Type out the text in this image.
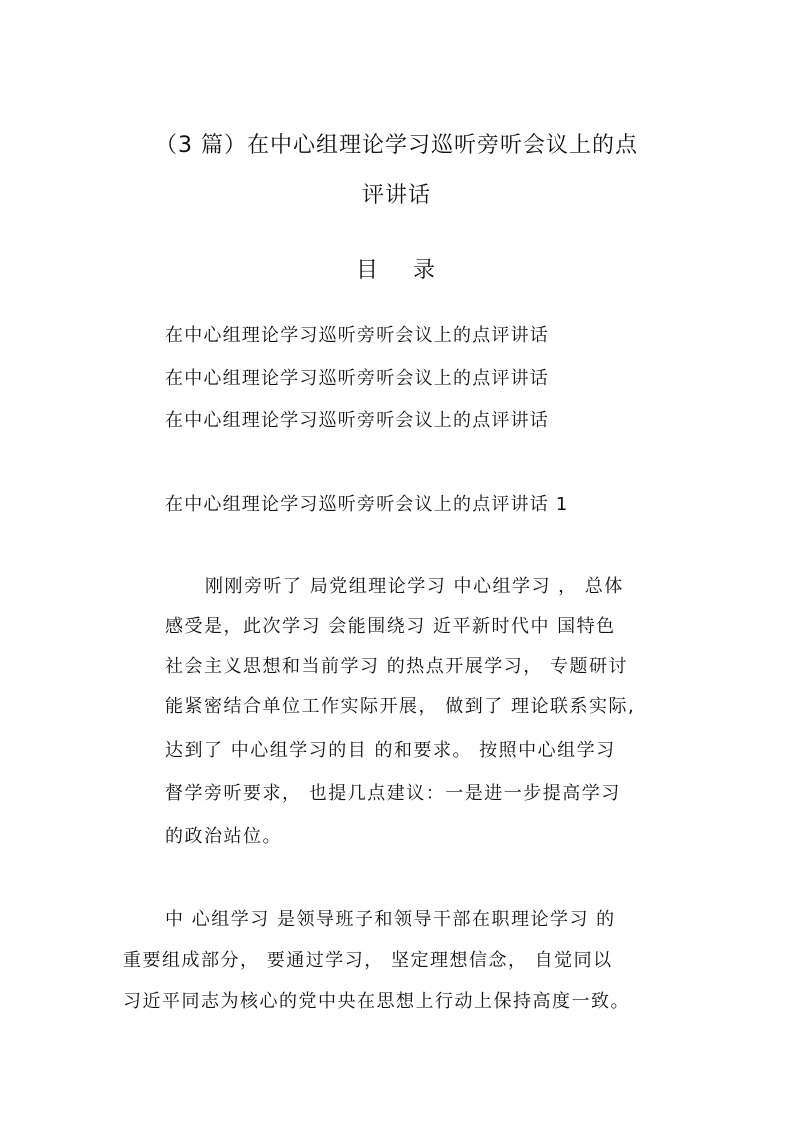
（3 篇）在中心组理论学习巡听旁听会议上的点
评讲话
目 录
在中心组理论学习巡听旁听会议上的点评讲话
在中心组理论学习巡听旁听会议上的点评讲话
在中心组理论学习巡听旁听会议上的点评讲话
在中心组理论学习巡听旁听会议上的点评讲话 1
刚刚旁听了 局党组理论学习 中心组学习 ， 总体
感受是，此次学习 会能围绕习 近平新时代中 国特色
社会主义思想和当前学习 的热点开展学习， 专题研讨
能紧密结合单位工作实际开展， 做到了 理论联系实际,
达到了 中心组学习的目 的和要求。 按照中心组学习
督学旁听要求， 也提几点建议：一是进一步提高学习
的政治站位。
中 心组学习 是领导班子和领导干部在职理论学习 的
重要组成部分， 要通过学习， 坚定理想信念， 自觉同以
习近平同志为核心的党中央在思想上行动上保持高度一致。
